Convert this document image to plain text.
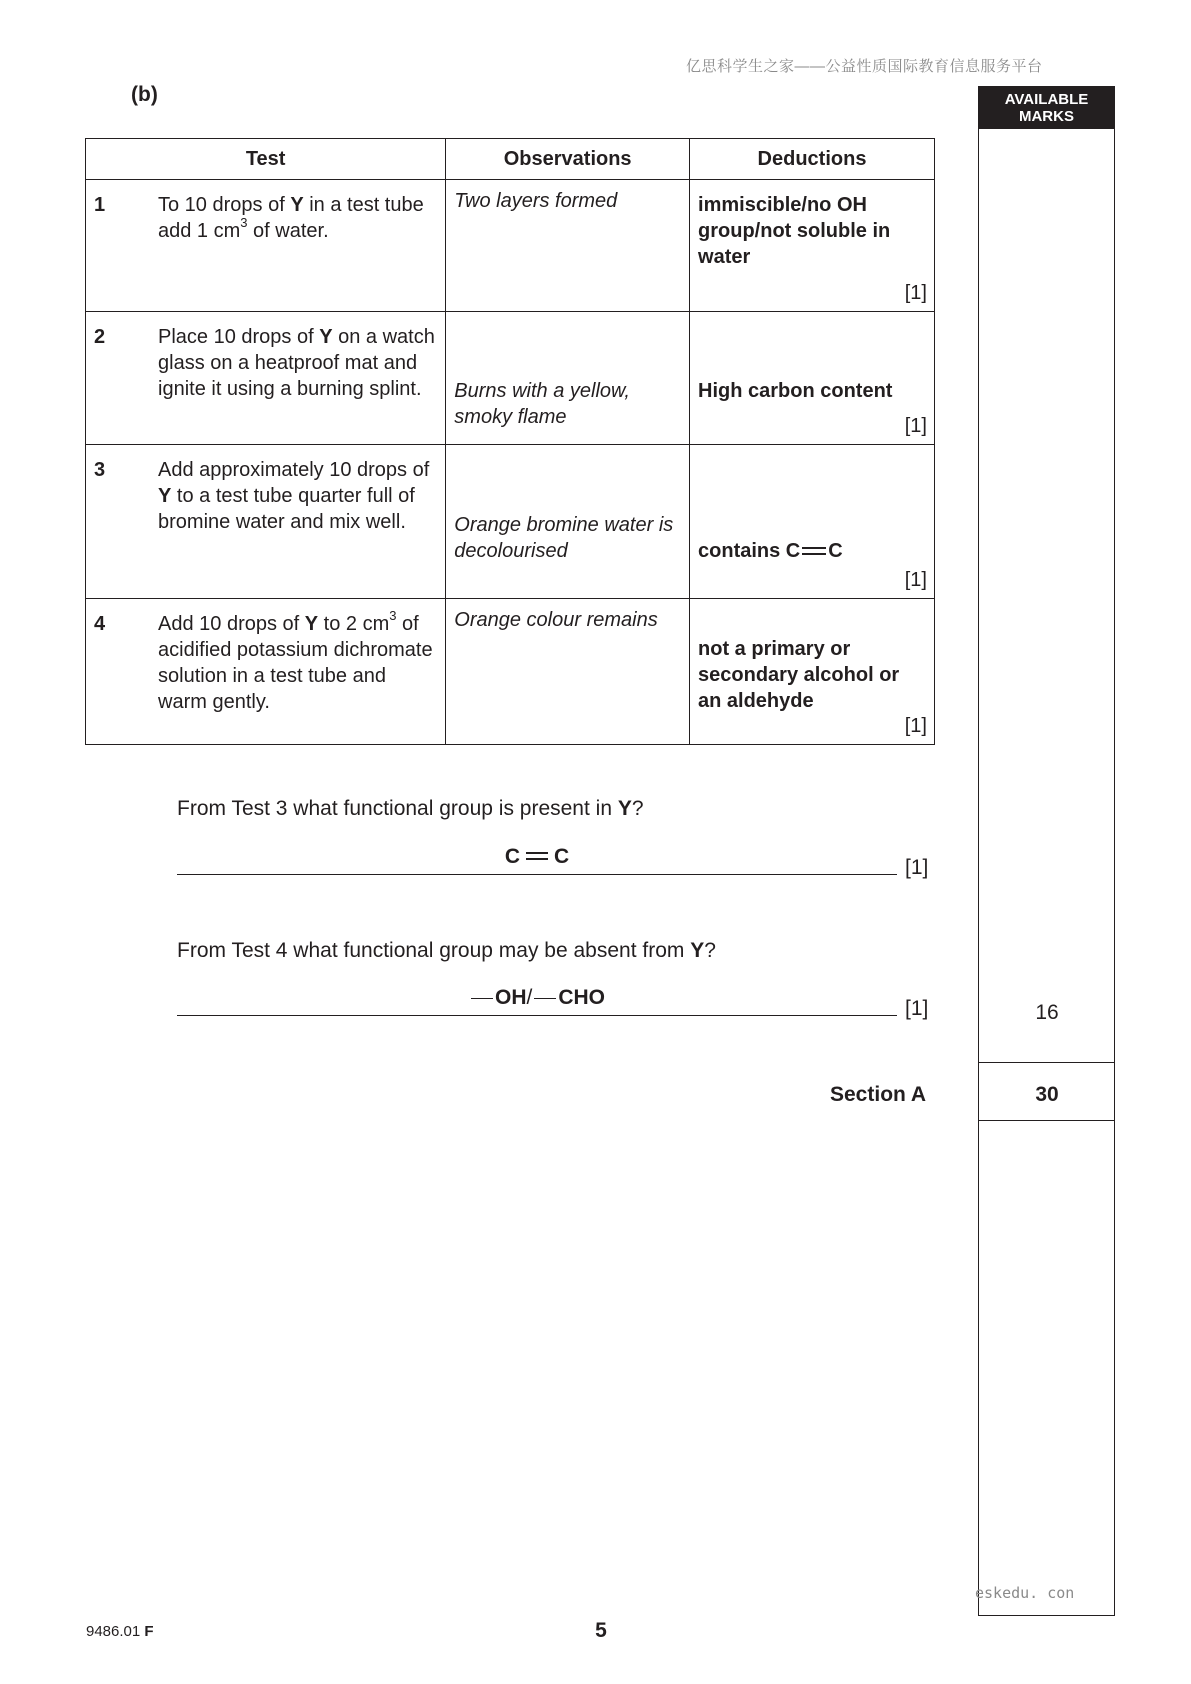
亿思科学生之家——公益性质国际教育信息服务平台
(b)	AVAILABLE
MARKS
16
Test	Observations	Deductions

1 To 10 drops of Y in a test tube add 1 $cm^3$ of water.	Two layers formed	immiscible/no OH group/not soluble in water
[1]

2 Place 10 drops of Y on a watch glass on a heatproof mat and ignite it using a burning splint.	Burns with a yellow, smoky flame	High carbon content
[1]

3 Add approximately 10 drops of Y to a test tube quarter full of bromine water and mix well.	Orange bromine water is decolourised	contains C C
[1]

4 Add 10 drops of Y to 2 $cm^3$ of acidified potassium dichromate solution in a test tube and warm gently.	Orange colour remains	not a primary or secondary alcohol or an aldehyde
[1]
From Test 3 what functional group is present in Y?
C C	[1]
From Test 4 what functional group may be absent from Y?
OH/ CHO	[1]
Section A	30
eskedu. con
9486.01 F	5
